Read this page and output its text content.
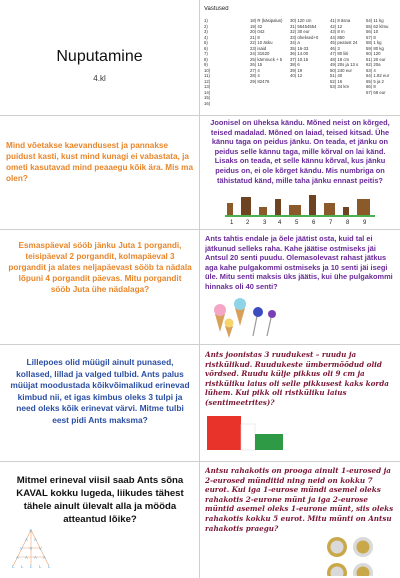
Nuputamine
4.kl
Vastused
1)
2)
3)
4)
5)
6)
7)
8)
9)
10)
11)
12)
13)
14)
15)
16)
18) R (käsipalus)
19) 42
20) 042
21) 8
22) 10 äsku
23) isaid
24) 31620
25) kärnnuck + 5
26) 15
27) 4
28) 4
29) 82476
30) 120 cm
31) 55454554
32) 30 eur
33) ühelised+0
34) a
35) 16-33
36) 14.00
37) 10.15
38) 6
39) 19
40) 12
41) 8 äsna
42) 12
43) 8 m
44) 850
45) peatust 24
46) 3
47) 80 liiti
48) 18 cm
49) 20s ja 13 s
50) 240 eur
51) 40
52) 16
53) 34 km
54) 11 kg
55) 62 klmu
56) 10
57) 8
58) 1 kg
59) 80 kg
60) 120
61) 20 eur
62) 20a
63) 4
64) 1.82 eur
65) 5 ja 2
66) 8
67) 68 eur
Mind võetakse kaevandusest ja pannakse puidust kasti, kust mind kunagi ei vabastata, ja ometi kasutavad mind peaaegu kõik ära. Mis ma olen?
Joonisel on üheksa kändu. Mõned neist on kõrged, teised madalad. Mõned on laiad, teised kitsad. Ühe kännu taga on peidus jänku. On teada, et jänku on peidus selle kännu taga, mille kõrval on lai känd. Lisaks on teada, et selle kännu kõrval, kus jänku peidus on, ei ole kõrget kändu. Mis numbriga on tähistatud känd, mille taha jänku ennast peitis?
1 2 3 4 5 6 7 8 9
Esmaspäeval sööb jänku Juta 1 porgandi, teisipäeval 2 porgandit, kolmapäeval 3 porgandit ja alates neljapäevast sööb ta nädala lõpuni 4 porgandit päevas. Mitu porgandit sööb Juta ühe nädalaga?
Ants tahtis endale ja õele jäätist osta, kuid tal ei jätkunud selleks raha. Kahe jäätise ostmiseks jäi Antsul 20 senti puudu. Olemasolevast rahast jätkus aga kahe pulgakommi ostmiseks ja 10 senti jäi isegi üle. Mitu senti maksis üks jäätis, kui ühe pulgakommi hinnaks oli 40 senti?
Lillepoes olid müügil ainult punased, kollased, lillad ja valged tulbid. Ants palus müüjat moodustada kõikvõimalikud erinevad kimbud nii, et igas kimbus oleks 3 tulpi ja need oleks kõik erinevat värvi. Mitme tulbi eest pidi Ants maksma?
Ants joonistas 3 ruudukest – ruudu ja ristkülikud. Ruudukeste ümbermõõdud olid võrdsed. Ruudu külje pikkus oli 9 cm ja ristküliku laius oli selle pikkusest kaks korda lühem. Kui pikk oli ristküliku laius (sentimeetrites)?
Mitmel erineval viisil saab Ants sõna KAVAL kokku lugeda, liikudes tähest tähele ainult ülevalt alla ja mööda atteantud lõike?
K
A A
V V V
A A A A
L L L L L
Antsu rahakotis on prooga ainult 1-eurosed ja 2-eurosed münditid ning neid on kokku 7 eurot. Kui iga 1-eurose mündi asemel oleks rahakotis 2-eurone münt ja iga 2-eurose müntid asemel oleks 1-eurone münt, siis oleks rahakotis kokku 5 eurot. Mitu münti on Antsu rahakotis praegu?
